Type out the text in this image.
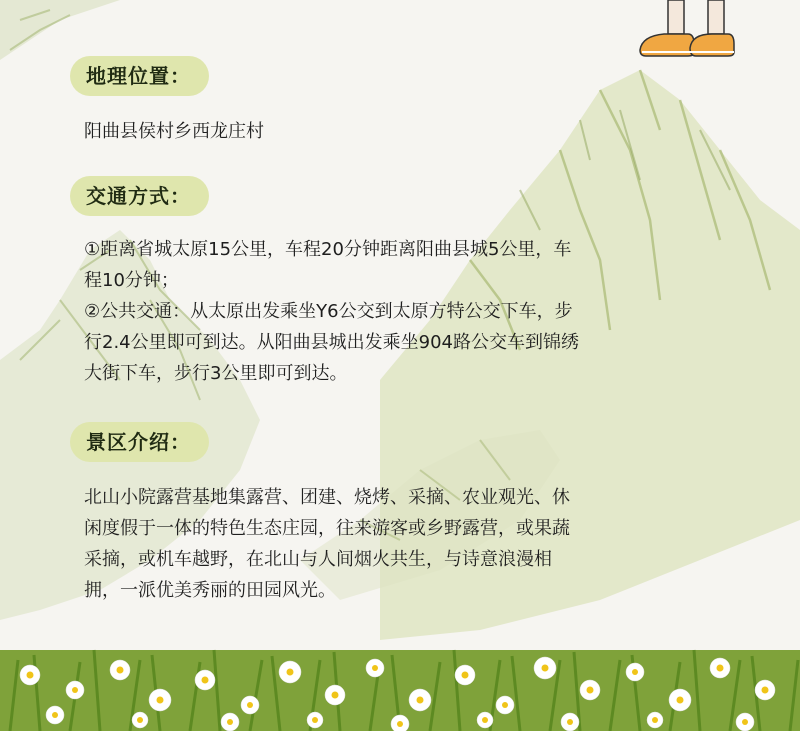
地理位置：
阳曲县侯村乡西龙庄村
交通方式：
①距离省城太原15公里，车程20分钟距离阳曲县城5公里，车
程10分钟；
②公共交通：从太原出发乘坐Y6公交到太原方特公交下车，步
行2.4公里即可到达。从阳曲县城出发乘坐904路公交车到锦绣
大街下车，步行3公里即可到达。
景区介绍：
北山小院露营基地集露营、团建、烧烤、采摘、农业观光、休
闲度假于一体的特色生态庄园，往来游客或乡野露营，或果蔬
采摘，或机车越野，在北山与人间烟火共生，与诗意浪漫相
拥，一派优美秀丽的田园风光。
